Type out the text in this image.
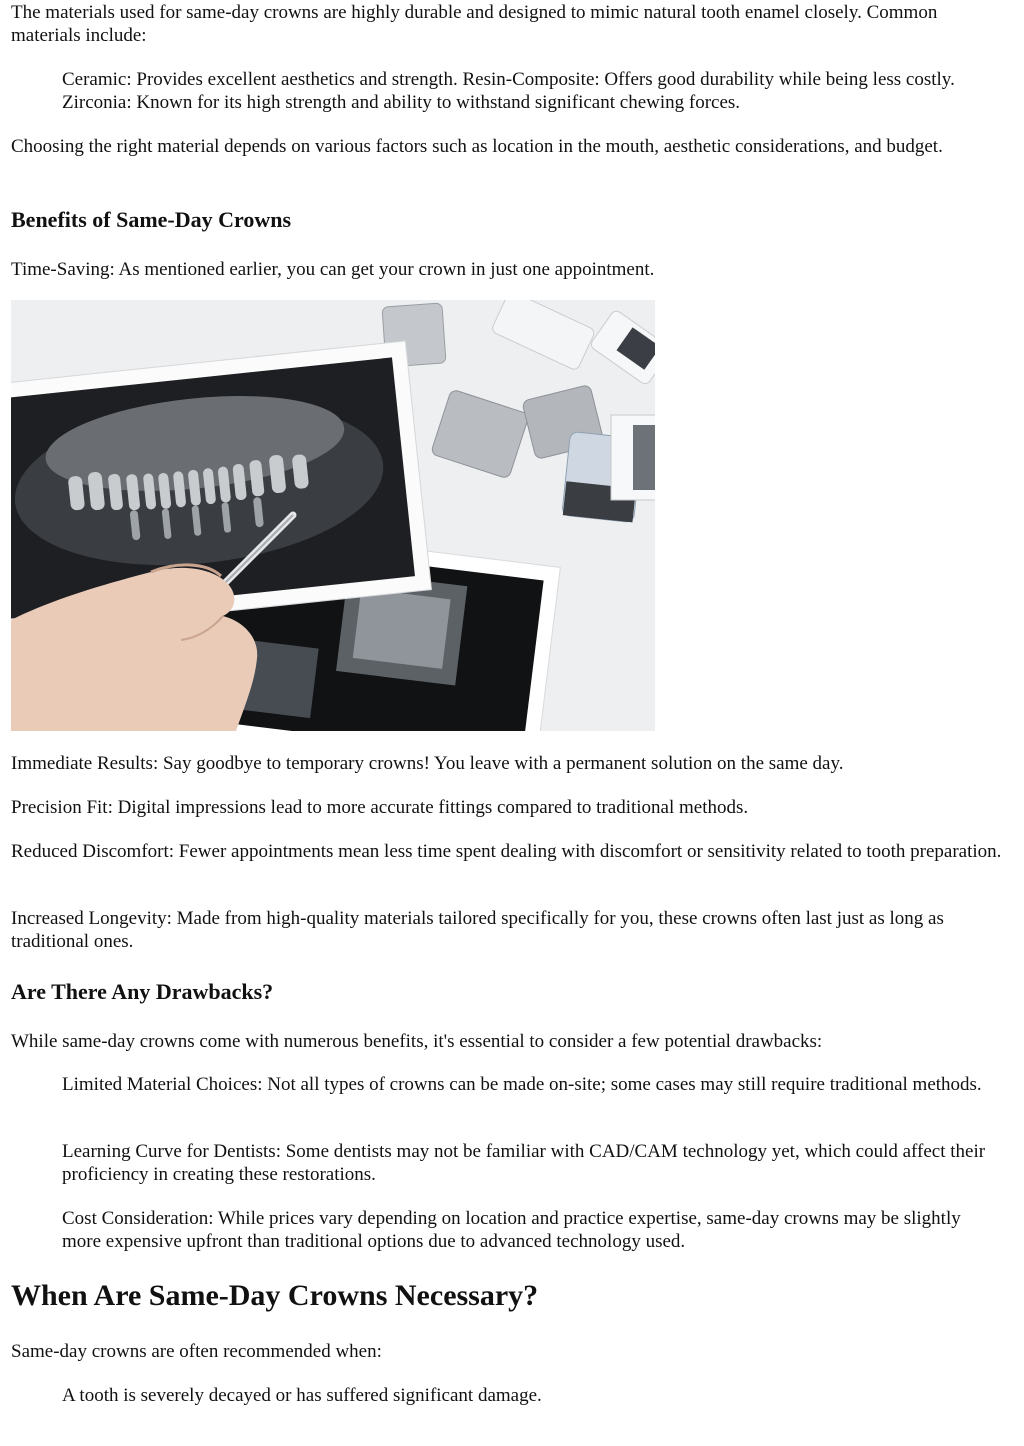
The materials used for same-day crowns are highly durable and designed to mimic natural tooth enamel closely. Common materials include:

Ceramic: Provides excellent aesthetics and strength. Resin-Composite: Offers good durability while being less costly. Zirconia: Known for its high strength and ability to withstand significant chewing forces.

Choosing the right material depends on various factors such as location in the mouth, aesthetic considerations, and budget.

Benefits of Same-Day Crowns

Time-Saving: As mentioned earlier, you can get your crown in just one appointment.

Immediate Results: Say goodbye to temporary crowns! You leave with a permanent solution on the same day.

Precision Fit: Digital impressions lead to more accurate fittings compared to traditional methods.

Reduced Discomfort: Fewer appointments mean less time spent dealing with discomfort or sensitivity related to tooth preparation.

Increased Longevity: Made from high-quality materials tailored specifically for you, these crowns often last just as long as traditional ones.

Are There Any Drawbacks?

While same-day crowns come with numerous benefits, it's essential to consider a few potential drawbacks:

Limited Material Choices: Not all types of crowns can be made on-site; some cases may still require traditional methods.

Learning Curve for Dentists: Some dentists may not be familiar with CAD/CAM technology yet, which could affect their proficiency in creating these restorations.

Cost Consideration: While prices vary depending on location and practice expertise, same-day crowns may be slightly more expensive upfront than traditional options due to advanced technology used.

When Are Same-Day Crowns Necessary?

Same-day crowns are often recommended when:

A tooth is severely decayed or has suffered significant damage.
